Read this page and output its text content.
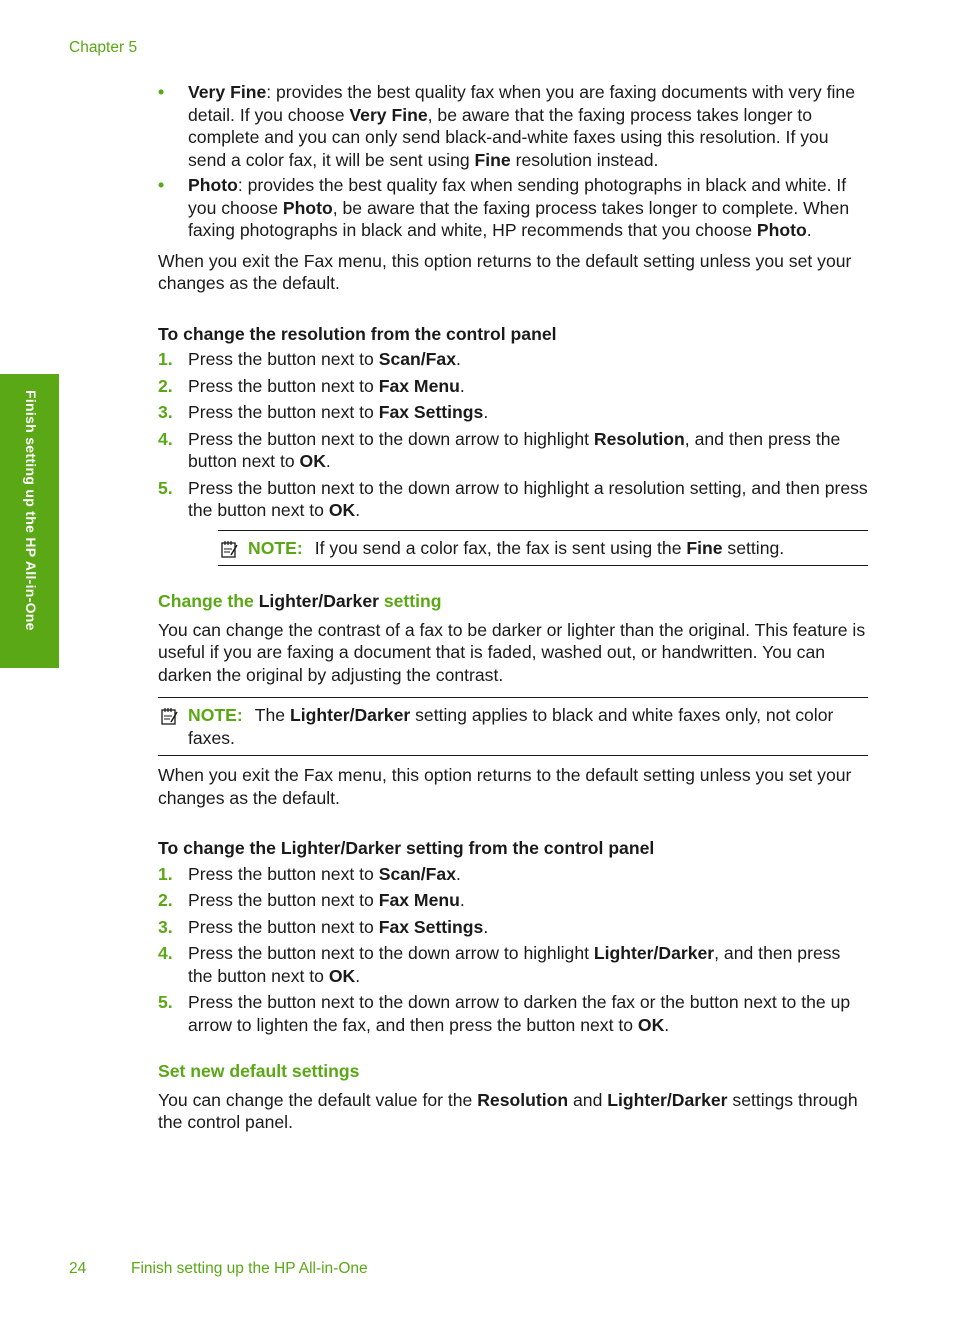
Chapter 5
Finish setting up the HP All-in-One
• Very Fine: provides the best quality fax when you are faxing documents with very fine detail. If you choose Very Fine, be aware that the faxing process takes longer to complete and you can only send black-and-white faxes using this resolution. If you send a color fax, it will be sent using Fine resolution instead.
• Photo: provides the best quality fax when sending photographs in black and white. If you choose Photo, be aware that the faxing process takes longer to complete. When faxing photographs in black and white, HP recommends that you choose Photo.

When you exit the Fax menu, this option returns to the default setting unless you set your changes as the default.

To change the resolution from the control panel
1. Press the button next to Scan/Fax.
2. Press the button next to Fax Menu.
3. Press the button next to Fax Settings.
4. Press the button next to the down arrow to highlight Resolution, and then press the button next to OK.
5. Press the button next to the down arrow to highlight a resolution setting, and then press the button next to OK.
NOTE: If you send a color fax, the fax is sent using the Fine setting.
Change the Lighter/Darker setting

You can change the contrast of a fax to be darker or lighter than the original. This feature is useful if you are faxing a document that is faded, washed out, or handwritten. You can darken the original by adjusting the contrast.

NOTE: The Lighter/Darker setting applies to black and white faxes only, not color faxes.

When you exit the Fax menu, this option returns to the default setting unless you set your changes as the default.

To change the Lighter/Darker setting from the control panel
1. Press the button next to Scan/Fax.
2. Press the button next to Fax Menu.
3. Press the button next to Fax Settings.
4. Press the button next to the down arrow to highlight Lighter/Darker, and then press the button next to OK.
5. Press the button next to the down arrow to darken the fax or the button next to the up arrow to lighten the fax, and then press the button next to OK.
Set new default settings

You can change the default value for the Resolution and Lighter/Darker settings through the control panel.

24	Finish setting up the HP All-in-One
